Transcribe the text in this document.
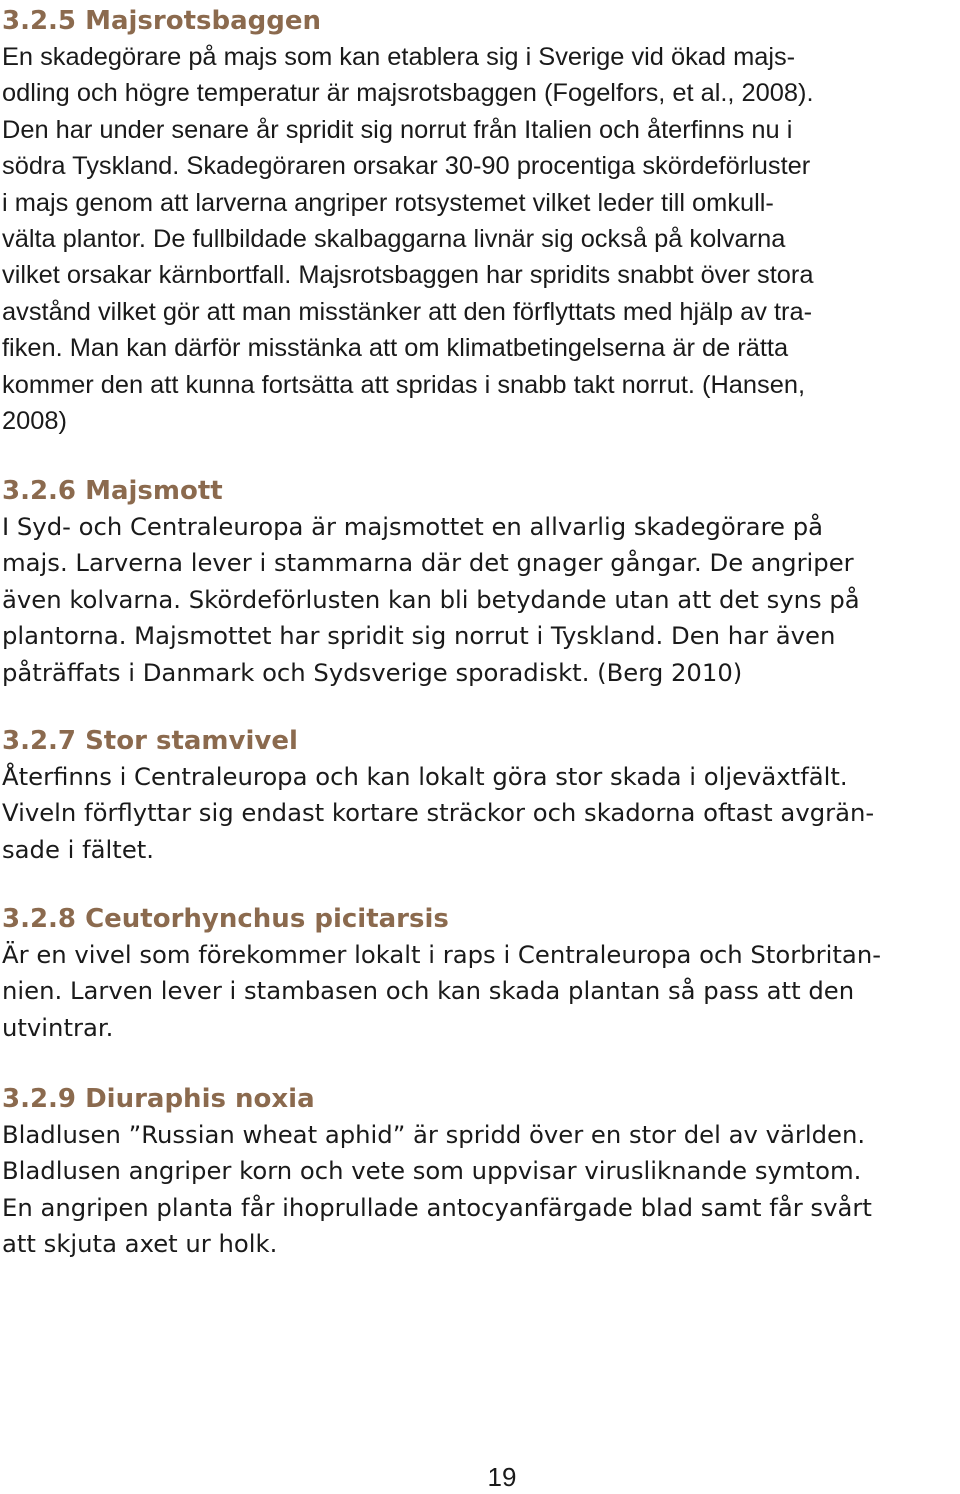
3.2.5 Majsrotsbaggen

En skadegörare på majs som kan etablera sig i Sverige vid ökad majs-
odling och högre temperatur är majsrotsbaggen (Fogelfors, et al., 2008).
Den har under senare år spridit sig norrut från Italien och återfinns nu i
södra Tyskland. Skadegöraren orsakar 30-90 procentiga skördeförluster
i majs genom att larverna angriper rotsystemet vilket leder till omkull-
välta plantor. De fullbildade skalbaggarna livnär sig också på kolvarna
vilket orsakar kärnbortfall. Majsrotsbaggen har spridits snabbt över stora
avstånd vilket gör att man misstänker att den förflyttats med hjälp av tra-
fiken. Man kan därför misstänka att om klimatbetingelserna är de rätta
kommer den att kunna fortsätta att spridas i snabb takt norrut. (Hansen,
2008)

3.2.6 Majsmott

I Syd- och Centraleuropa är majsmottet en allvarlig skadegörare på
majs. Larverna lever i stammarna där det gnager gångar. De angriper
även kolvarna. Skördeförlusten kan bli betydande utan att det syns på
plantorna. Majsmottet har spridit sig norrut i Tyskland. Den har även
påträffats i Danmark och Sydsverige sporadiskt. (Berg 2010)

3.2.7 Stor stamvivel

Återfinns i Centraleuropa och kan lokalt göra stor skada i oljeväxtfält.
Viveln förflyttar sig endast kortare sträckor och skadorna oftast avgrän-
sade i fältet.

3.2.8 Ceutorhynchus picitarsis

Är en vivel som förekommer lokalt i raps i Centraleuropa och Storbritan-
nien. Larven lever i stambasen och kan skada plantan så pass att den
utvintrar.

3.2.9 Diuraphis noxia

Bladlusen ”Russian wheat aphid” är spridd över en stor del av världen.
Bladlusen angriper korn och vete som uppvisar virusliknande symtom.
En angripen planta får ihoprullade antocyanfärgade blad samt får svårt
att skjuta axet ur holk.

19
